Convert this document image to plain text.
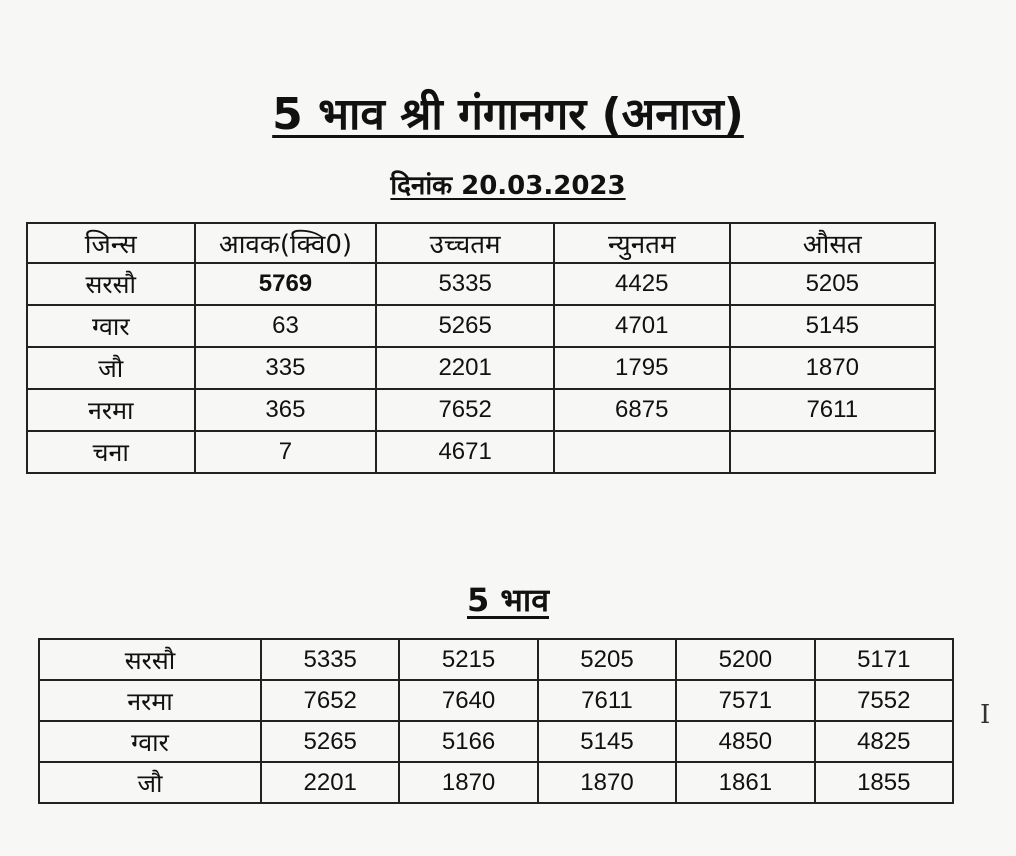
5 भाव श्री गंगानगर (अनाज)
दिनांक 20.03.2023
जिन्स	आवक(क्वि0)	उच्चतम	न्युनतम	औसत
सरसौ	5769	5335	4425	5205
ग्वार	63	5265	4701	5145
जौ	335	2201	1795	1870
नरमा	365	7652	6875	7611
चना	7	4671		
5 भाव
सरसौ	5335	5215	5205	5200	5171
नरमा	7652	7640	7611	7571	7552
ग्वार	5265	5166	5145	4850	4825
जौ	2201	1870	1870	1861	1855
I
